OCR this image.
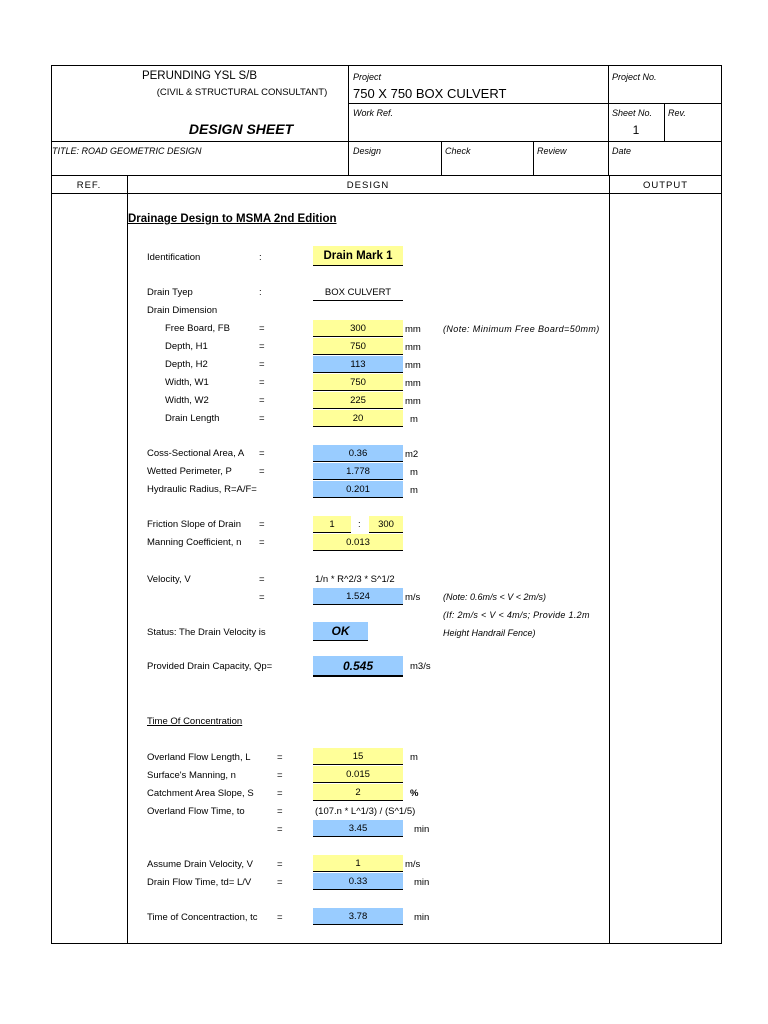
PERUNDING YSL S/B
(CIVIL & STRUCTURAL CONSULTANT)
DESIGN SHEET
Project
750 X 750 BOX CULVERT
Project No.
Work Ref.	Sheet No.
1
Rev.
TITLE: ROAD GEOMETRIC DESIGN	Design	Check	Review	Date
REF.	DESIGN	OUTPUT
Drainage Design to MSMA 2nd Edition
Identification	:	Drain Mark 1
Drain Tyep	:	BOX CULVERT
Drain Dimension
Free Board, FB	=	300	mm (Note: Minimum Free Board=50mm)
Depth, H1	=	750	mm
Depth, H2	=	113	mm
Width, W1	=	750	mm
Width, W2	=	225	mm
Drain Length	=	20	m
Coss-Sectional Area, A =	0.36	m2
Wetted Perimeter, P	=	1.778	m
Hydraulic Radius, R=A/F=	0.201	m
Friction Slope of Drain =	1	:	300
Manning Coefficient, n =	0.013
Velocity, V	=	1/n * R^2/3 * S^1/2
=	1.524	m/s	(Note: 0.6m/s < V < 2m/s)
(If: 2m/s < V < 4m/s; Provide 1.2m
Height Handrail Fence)
Status: The Drain Velocity is	OK
Provided Drain Capacity, Qp=	0.545	m3/s
Time Of Concentration
Overland Flow Length, L	=	15	m
Surface's Manning, n	=	0.015
Catchment Area Slope, S =	2	%
Overland Flow Time, to	=	(107.n * L^1/3) / (S^1/5)
=	3.45	min
Assume Drain Velocity, V	=	1	m/s
Drain Flow Time, td= L/V	=	0.33	min
Time of Concentraction, tc =	3.78	min
